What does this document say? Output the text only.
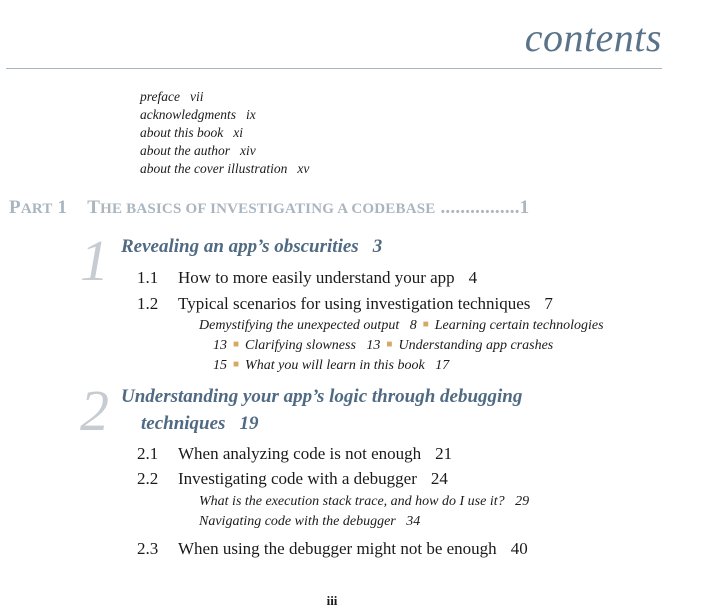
contents
preface vii
acknowledgments ix
about this book xi
about the author xiv
about the cover illustration xv
PART 1 THE BASICS OF INVESTIGATING A CODEBASE ................1
1 Revealing an app’s obscurities 3
1.1 How to more easily understand your app 4
1.2 Typical scenarios for using investigation techniques 7
Demystifying the unexpected output 8 ■ Learning certain technologies
13 ■ Clarifying slowness 13 ■ Understanding app crashes
15 ■ What you will learn in this book 17
2 Understanding your app’s logic through debugging
techniques 19
2.1 When analyzing code is not enough 21
2.2 Investigating code with a debugger 24
What is the execution stack trace, and how do I use it? 29
Navigating code with the debugger 34
2.3 When using the debugger might not be enough 40
iii
